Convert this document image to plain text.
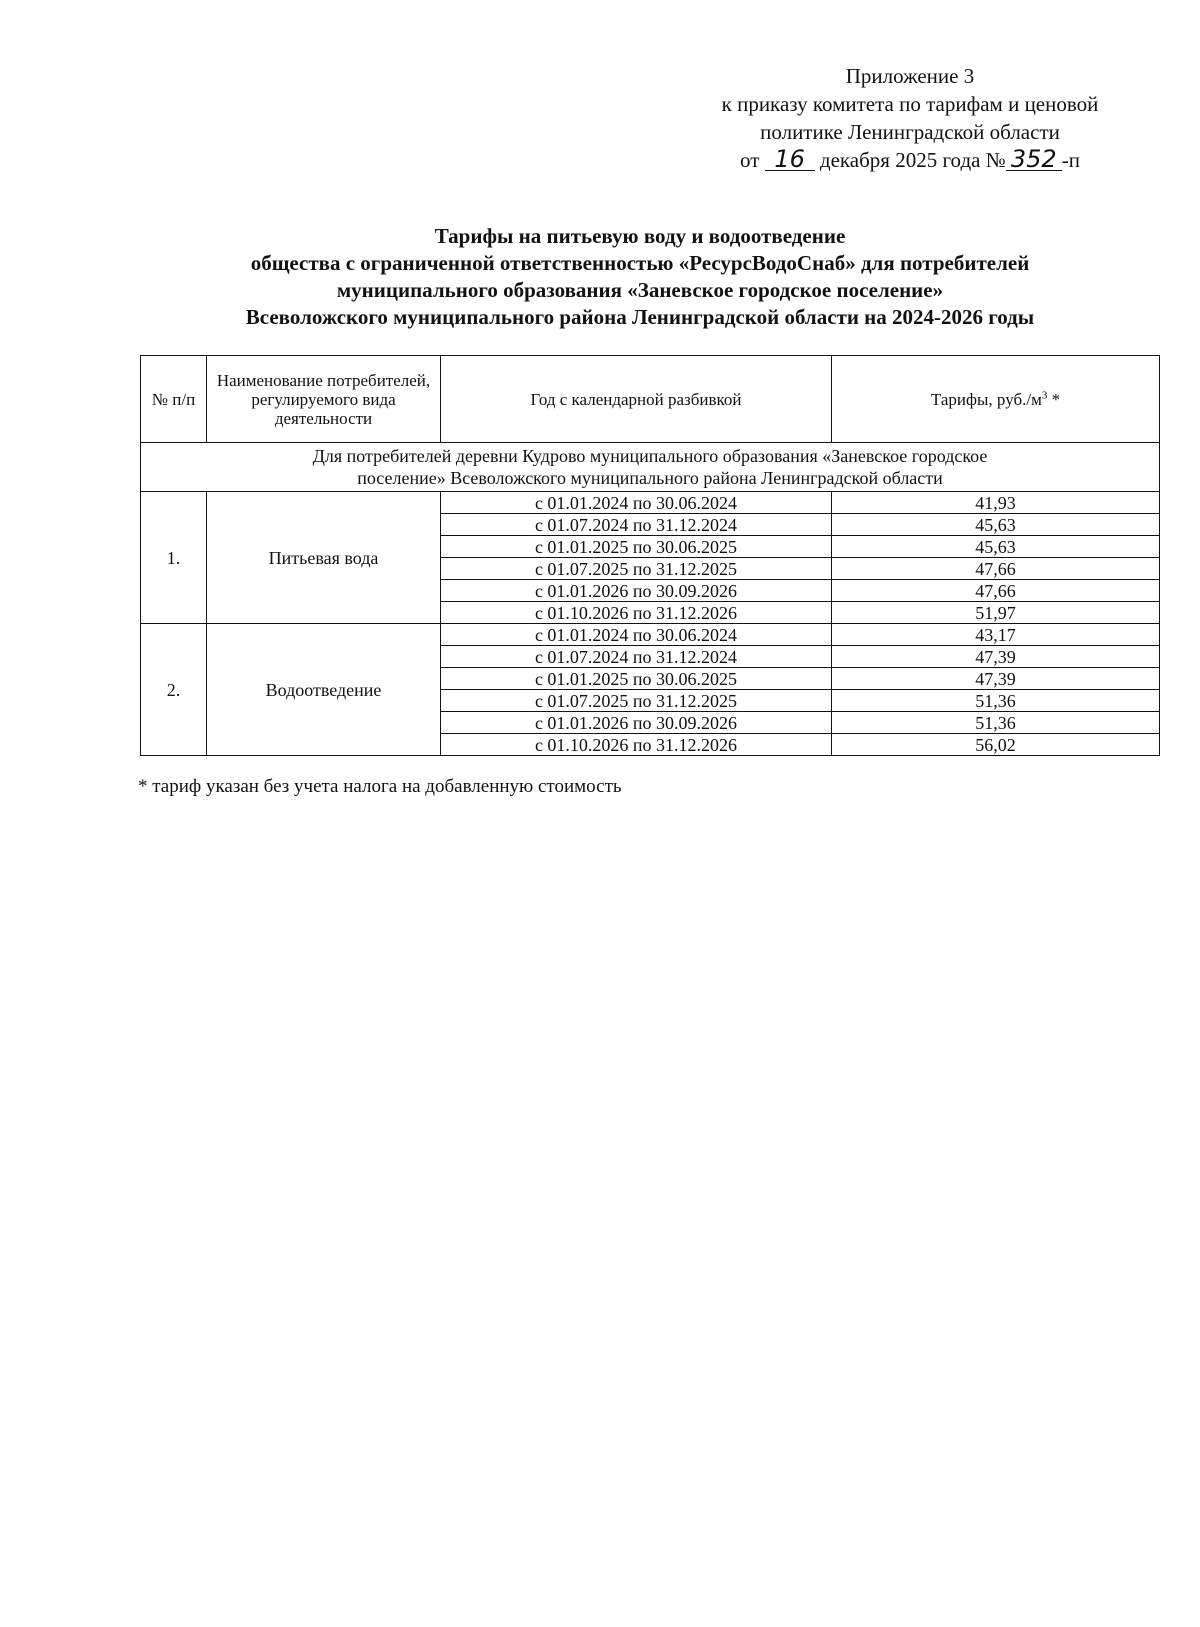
Приложение 3
к приказу комитета по тарифам и ценовой
политике Ленинградской области
от 16 декабря 2025 года № 352 -п
Тарифы на питьевую воду и водоотведение
общества с ограниченной ответственностью «РесурсВодоСнаб» для потребителей
муниципального образования «Заневское городское поселение»
Всеволожского муниципального района Ленинградской области на 2024-2026 годы
№ п/п	Наименование потребителей, регулируемого вида деятельности	Год с календарной разбивкой	Тарифы, $руб./м^3$ *
Для потребителей деревни Кудрово муниципального образования «Заневское городское
поселение» Всеволожского муниципального района Ленинградской области			
1.	Питьевая вода	с 01.01.2024 по 30.06.2024	41,93
		с 01.07.2024 по 31.12.2024	45,63
		с 01.01.2025 по 30.06.2025	45,63
		с 01.07.2025 по 31.12.2025	47,66
		с 01.01.2026 по 30.09.2026	47,66
		с 01.10.2026 по 31.12.2026	51,97
2.	Водоотведение	с 01.01.2024 по 30.06.2024	43,17
		с 01.07.2024 по 31.12.2024	47,39
		с 01.01.2025 по 30.06.2025	47,39
		с 01.07.2025 по 31.12.2025	51,36
		с 01.01.2026 по 30.09.2026	51,36
		с 01.10.2026 по 31.12.2026	56,02
* тариф указан без учета налога на добавленную стоимость
